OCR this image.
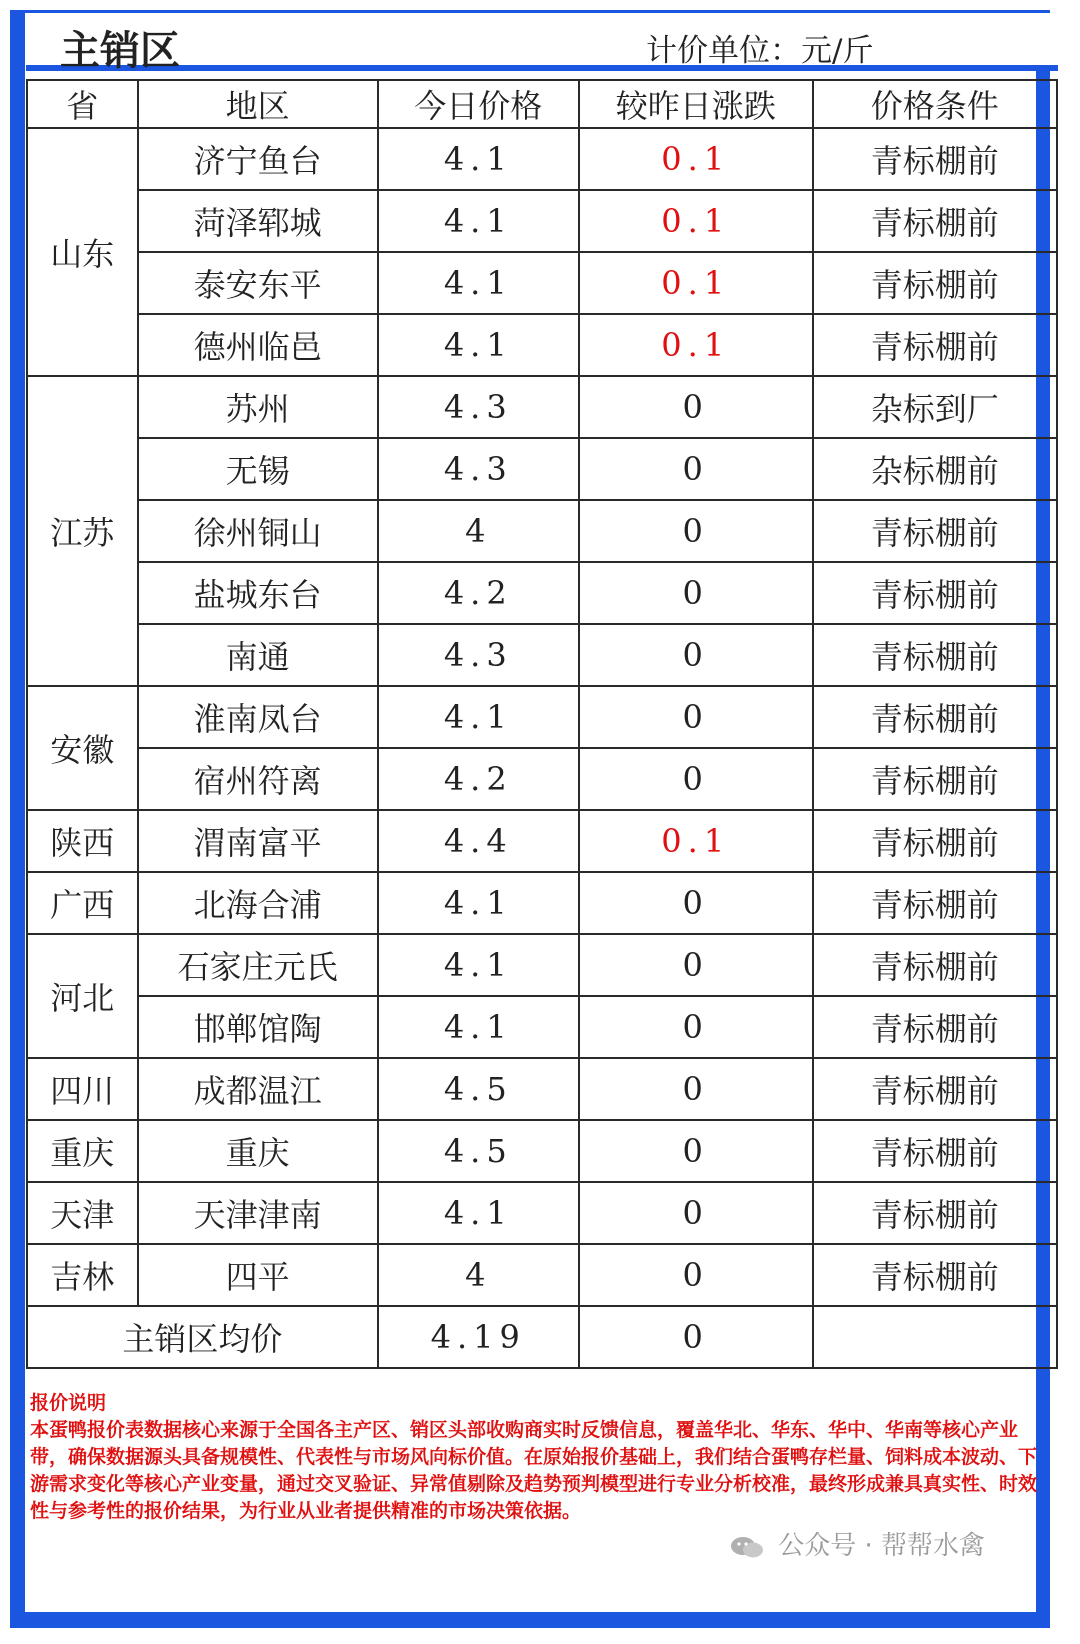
主销区	计价单位：元/斤
省	地区	今日价格	较昨日涨跌	价格条件
山东	济宁鱼台	4.1	0.1	青标棚前
	菏泽郓城	4.1	0.1	青标棚前
	泰安东平	4.1	0.1	青标棚前
	德州临邑	4.1	0.1	青标棚前
江苏	苏州	4.3	0	杂标到厂
	无锡	4.3	0	杂标棚前
	徐州铜山	4	0	青标棚前
	盐城东台	4.2	0	青标棚前
	南通	4.3	0	青标棚前
安徽	淮南凤台	4.1	0	青标棚前
	宿州符离	4.2	0	青标棚前
陕西	渭南富平	4.4	0.1	青标棚前
广西	北海合浦	4.1	0	青标棚前
河北	石家庄元氏	4.1	0	青标棚前
	邯郸馆陶	4.1	0	青标棚前
四川	成都温江	4.5	0	青标棚前
重庆	重庆	4.5	0	青标棚前
天津	天津津南	4.1	0	青标棚前
吉林	四平	4	0	青标棚前
主销区均价		4.19	0	
报价说明
本蛋鸭报价表数据核心来源于全国各主产区、销区头部收购商实时反馈信息，覆盖华北、华东、华中、华南等核心产业带，确保数据源头具备规模性、代表性与市场风向标价值。在原始报价基础上，我们结合蛋鸭存栏量、饲料成本波动、下游需求变化等核心产业变量，通过交叉验证、异常值剔除及趋势预判模型进行专业分析校准，最终形成兼具真实性、时效性与参考性的报价结果，为行业从业者提供精准的市场决策依据。
公众号 · 帮帮水禽
